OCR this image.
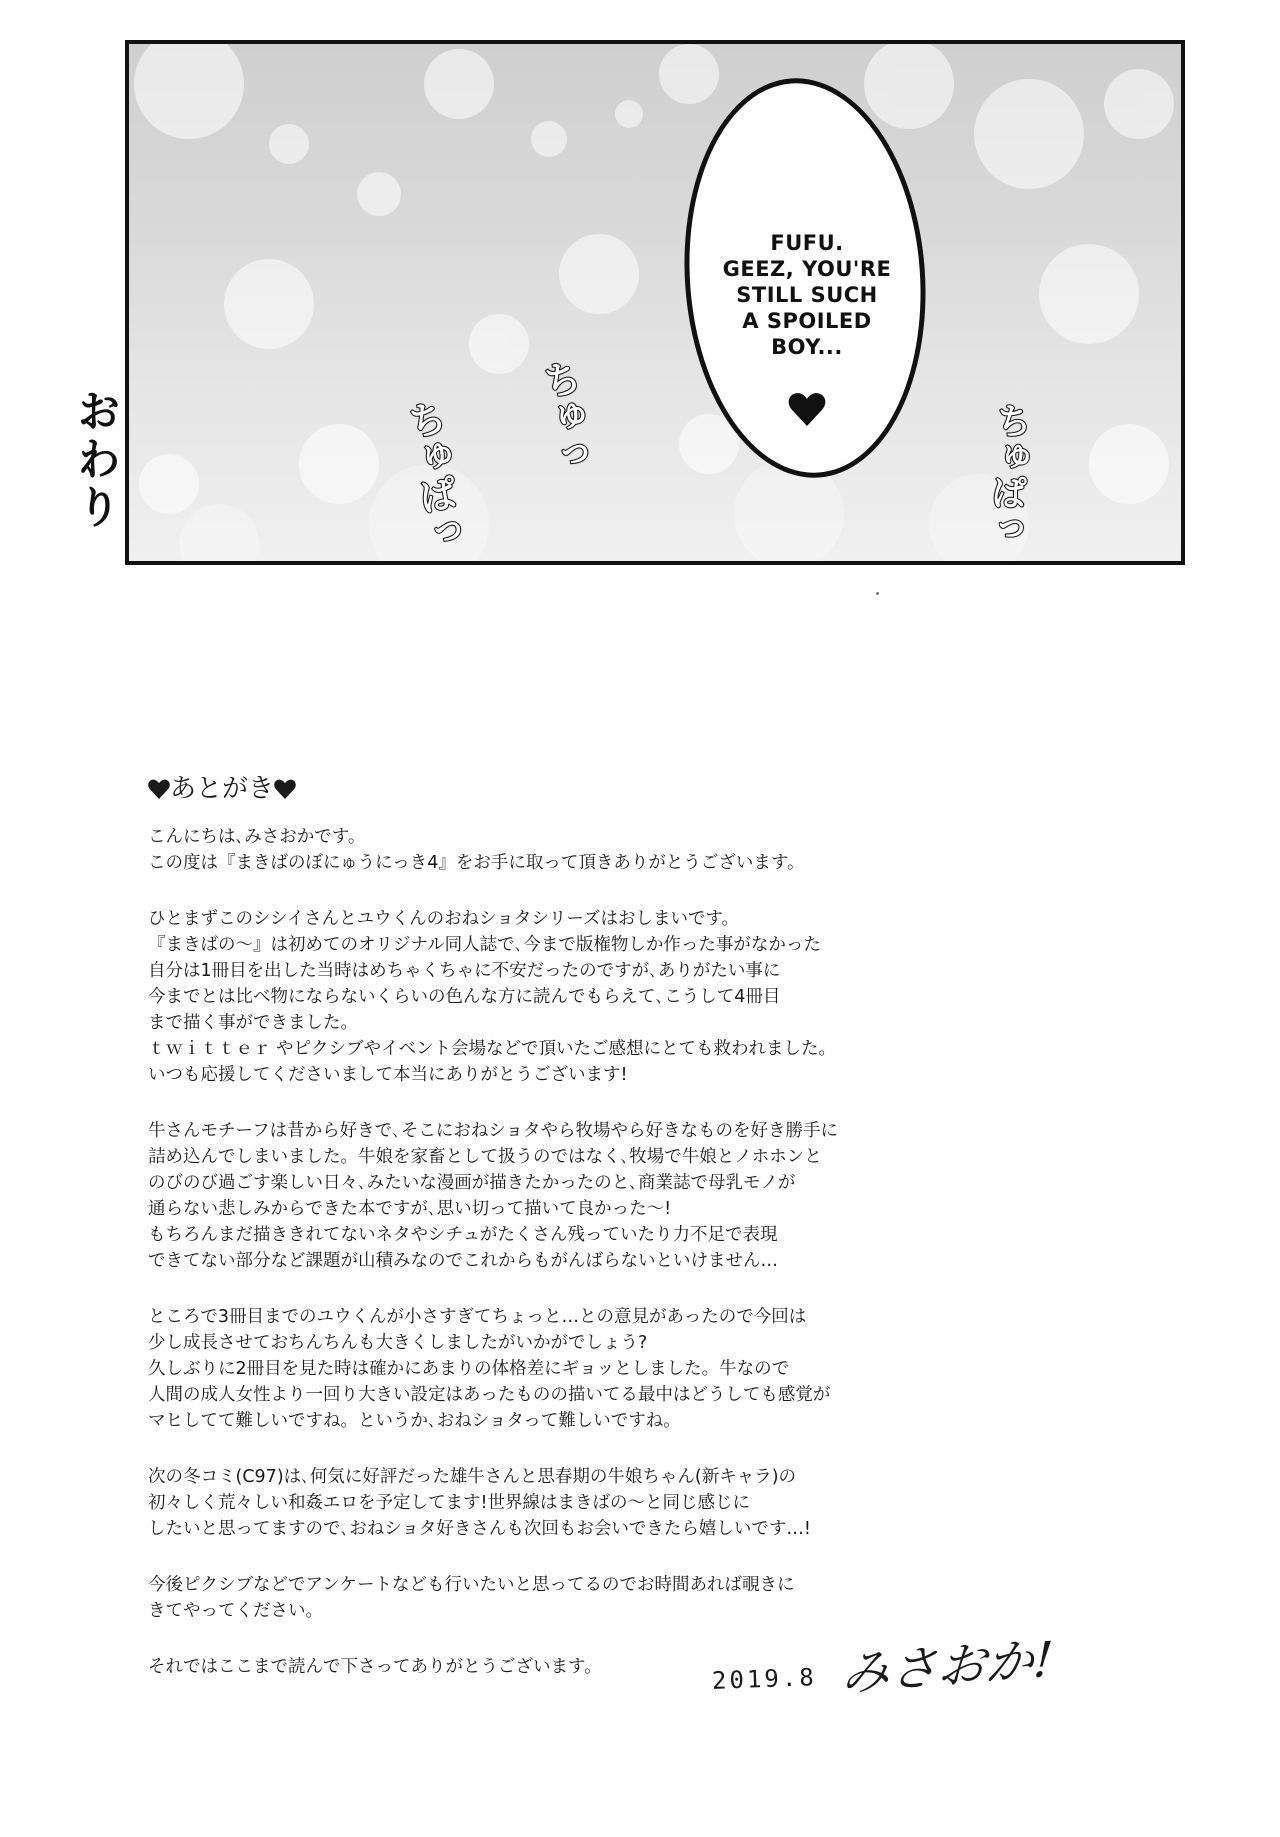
FUFU.
GEEZ, YOU'RE
STILL SUCH
A SPOILED
BOY...
ちゅぱっ ちゅっ	ちゅぱっ
おわり
あとがき

こんにちは､みさおかです。

この度は『まきばのぼにゅうにっき4』をお手に取って頂きありがとうございます。

ひとまずこのシシイさんとユウくんのおねショタシリーズはおしまいです。

『まきばの～』は初めてのオリジナル同人誌で､今まで版権物しか作った事がなかった

自分は1冊目を出した当時はめちゃくちゃに不安だったのですが､ありがたい事に

今までとは比べ物にならないくらいの色んな方に読んでもらえて､こうして4冊目

まで描く事ができました。

ｔｗｉｔｔｅｒ やピクシブやイベント会場などで頂いたご感想にとても救われました。

いつも応援してくださいまして本当にありがとうございます!

牛さんモチーフは昔から好きで､そこにおねショタやら牧場やら好きなものを好き勝手に

詰め込んでしまいました。牛娘を家畜として扱うのではなく､牧場で牛娘とノホホンと

のびのび過ごす楽しい日々､みたいな漫画が描きたかったのと､商業誌で母乳モノが

通らない悲しみからできた本ですが､思い切って描いて良かった～!

もちろんまだ描ききれてないネタやシチュがたくさん残っていたり力不足で表現

できてない部分など課題が山積みなのでこれからもがんばらないといけません…

ところで3冊目までのユウくんが小さすぎてちょっと…との意見があったので今回は

少し成長させておちんちんも大きくしましたがいかがでしょう?

久しぶりに2冊目を見た時は確かにあまりの体格差にギョッとしました。牛なので

人間の成人女性より一回り大きい設定はあったものの描いてる最中はどうしても感覚が

マヒしてて難しいですね。というか､おねショタって難しいですね。

次の冬コミ(C97)は､何気に好評だった雄牛さんと思春期の牛娘ちゃん(新キャラ)の

初々しく荒々しい和姦エロを予定してます!世界線はまきばの～と同じ感じに

したいと思ってますので､おねショタ好きさんも次回もお会いできたら嬉しいです…!

今後ピクシブなどでアンケートなども行いたいと思ってるのでお時間あれば覗きに

きてやってください。

それではここまで読んで下さってありがとうございます。	2019.8 みさおか!
